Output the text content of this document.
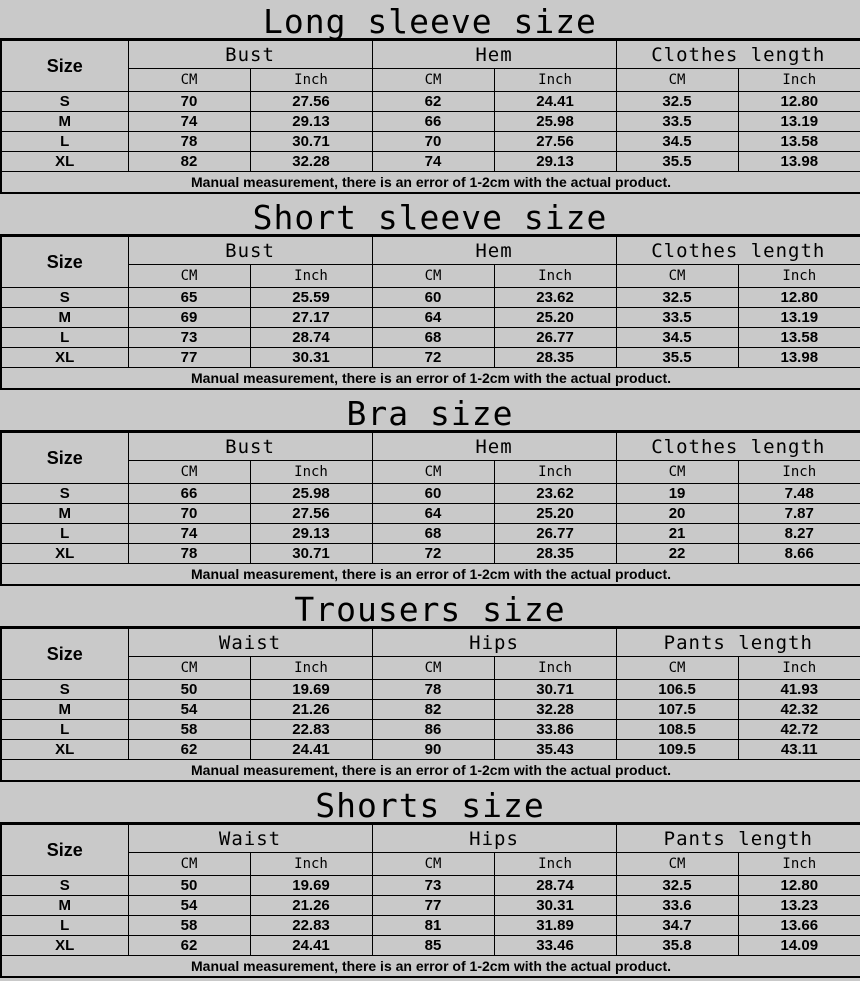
Long sleeve size
Size	Bust		Hem		Clothes length	
	CM	Inch	CM	Inch	CM	Inch
S	70	27.56	62	24.41	32.5	12.80
M	74	29.13	66	25.98	33.5	13.19
L	78	30.71	70	27.56	34.5	13.58
XL	82	32.28	74	29.13	35.5	13.98
Manual measurement, there is an error of 1-2cm with the actual product.						
Short sleeve size
Size	Bust		Hem		Clothes length	
	CM	Inch	CM	Inch	CM	Inch
S	65	25.59	60	23.62	32.5	12.80
M	69	27.17	64	25.20	33.5	13.19
L	73	28.74	68	26.77	34.5	13.58
XL	77	30.31	72	28.35	35.5	13.98
Manual measurement, there is an error of 1-2cm with the actual product.						
Bra size
Size	Bust		Hem		Clothes length	
	CM	Inch	CM	Inch	CM	Inch
S	66	25.98	60	23.62	19	7.48
M	70	27.56	64	25.20	20	7.87
L	74	29.13	68	26.77	21	8.27
XL	78	30.71	72	28.35	22	8.66
Manual measurement, there is an error of 1-2cm with the actual product.						
Trousers size
Size	Waist		Hips		Pants length	
	CM	Inch	CM	Inch	CM	Inch
S	50	19.69	78	30.71	106.5	41.93
M	54	21.26	82	32.28	107.5	42.32
L	58	22.83	86	33.86	108.5	42.72
XL	62	24.41	90	35.43	109.5	43.11
Manual measurement, there is an error of 1-2cm with the actual product.						
Shorts size
Size	Waist		Hips		Pants length	
	CM	Inch	CM	Inch	CM	Inch
S	50	19.69	73	28.74	32.5	12.80
M	54	21.26	77	30.31	33.6	13.23
L	58	22.83	81	31.89	34.7	13.66
XL	62	24.41	85	33.46	35.8	14.09
Manual measurement, there is an error of 1-2cm with the actual product.						
